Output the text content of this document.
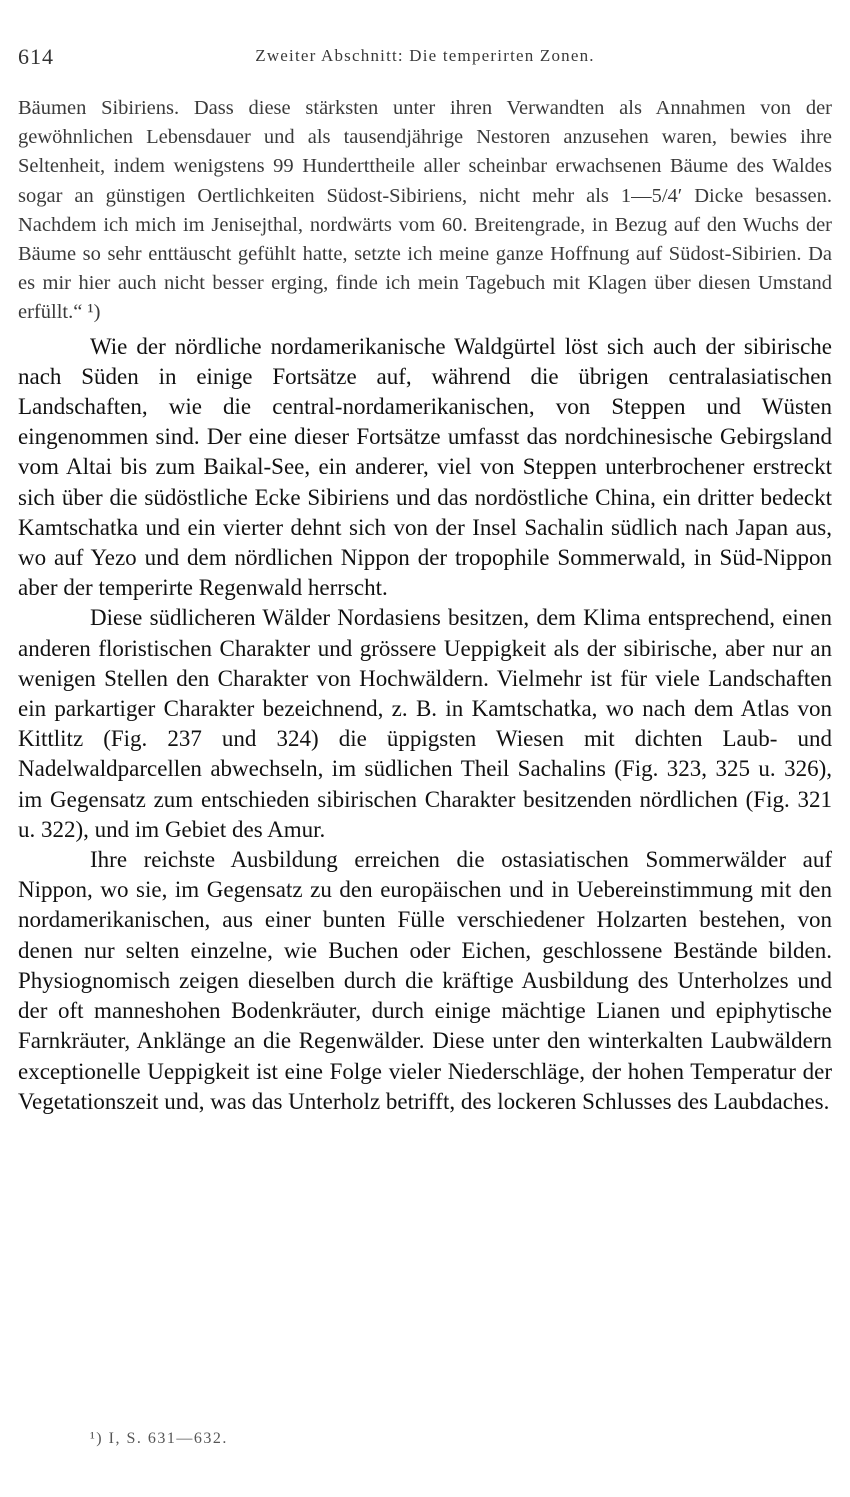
614	Zweiter Abschnitt: Die temperirten Zonen.

Bäumen Sibiriens. Dass diese stärksten unter ihren Verwandten als Annahmen von der gewöhnlichen Lebensdauer und als tausendjährige Nestoren anzusehen waren, bewies ihre Seltenheit, indem wenigstens 99 Hunderttheile aller scheinbar erwachsenen Bäume des Waldes sogar an günstigen Oertlichkeiten Südost-Sibiriens, nicht mehr als 1—5/4′ Dicke besassen. Nachdem ich mich im Jenisejthal, nordwärts vom 60. Breitengrade, in Bezug auf den Wuchs der Bäume so sehr enttäuscht gefühlt hatte, setzte ich meine ganze Hoffnung auf Südost-Sibirien. Da es mir hier auch nicht besser erging, finde ich mein Tagebuch mit Klagen über diesen Umstand erfüllt.“ ¹)

Wie der nördliche nordamerikanische Waldgürtel löst sich auch der sibirische nach Süden in einige Fortsätze auf, während die übrigen centralasiatischen Landschaften, wie die central-nordamerikanischen, von Steppen und Wüsten eingenommen sind. Der eine dieser Fortsätze umfasst das nordchinesische Gebirgsland vom Altai bis zum Baikal-See, ein anderer, viel von Steppen unterbrochener erstreckt sich über die südöstliche Ecke Sibiriens und das nordöstliche China, ein dritter bedeckt Kamtschatka und ein vierter dehnt sich von der Insel Sachalin südlich nach Japan aus, wo auf Yezo und dem nördlichen Nippon der tropophile Sommerwald, in Süd-Nippon aber der temperirte Regenwald herrscht.

Diese südlicheren Wälder Nordasiens besitzen, dem Klima entsprechend, einen anderen floristischen Charakter und grössere Ueppigkeit als der sibirische, aber nur an wenigen Stellen den Charakter von Hochwäldern. Vielmehr ist für viele Landschaften ein parkartiger Charakter bezeichnend, z. B. in Kamtschatka, wo nach dem Atlas von Kittlitz (Fig. 237 und 324) die üppigsten Wiesen mit dichten Laub- und Nadelwaldparcellen abwechseln, im südlichen Theil Sachalins (Fig. 323, 325 u. 326), im Gegensatz zum entschieden sibirischen Charakter besitzenden nördlichen (Fig. 321 u. 322), und im Gebiet des Amur.

Ihre reichste Ausbildung erreichen die ostasiatischen Sommerwälder auf Nippon, wo sie, im Gegensatz zu den europäischen und in Uebereinstimmung mit den nordamerikanischen, aus einer bunten Fülle verschiedener Holzarten bestehen, von denen nur selten einzelne, wie Buchen oder Eichen, geschlossene Bestände bilden. Physiognomisch zeigen dieselben durch die kräftige Ausbildung des Unterholzes und der oft manneshohen Bodenkräuter, durch einige mächtige Lianen und epiphytische Farnkräuter, Anklänge an die Regenwälder. Diese unter den winterkalten Laubwäldern exceptionelle Ueppigkeit ist eine Folge vieler Niederschläge, der hohen Temperatur der Vegetationszeit und, was das Unterholz betrifft, des lockeren Schlusses des Laubdaches.

¹) I, S. 631—632.
